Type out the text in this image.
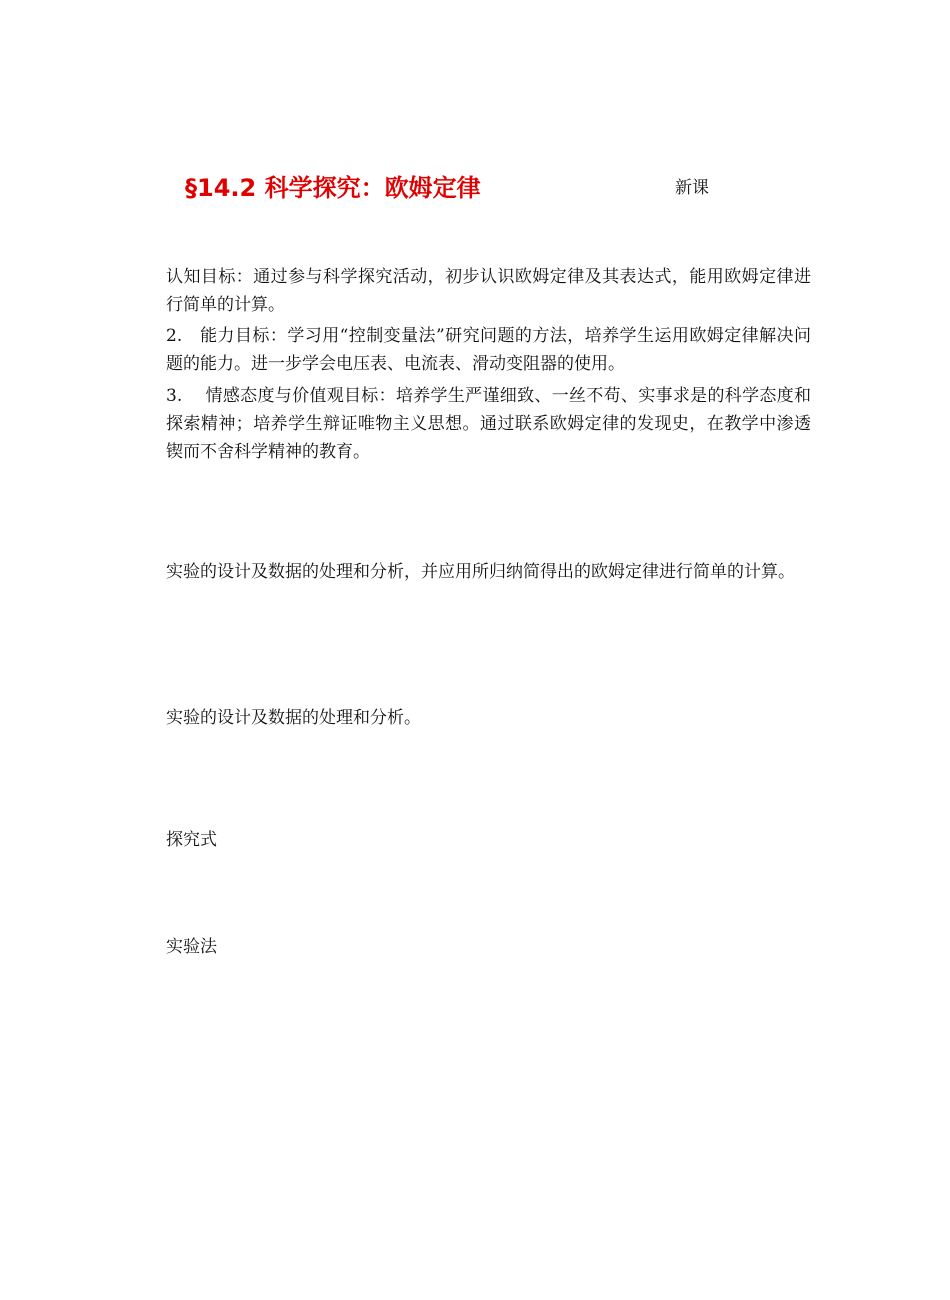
§14.2 科学探究：欧姆定律	新课
认知目标：通过参与科学探究活动，初步认识欧姆定律及其表达式，能用欧姆定律进行简单的计算。
2.　能力目标：学习用“控制变量法”研究问题的方法，培养学生运用欧姆定律解决问题的能力。进一步学会电压表、电流表、滑动变阻器的使用。
3.　 情感态度与价值观目标：培养学生严谨细致、一丝不苟、实事求是的科学态度和探索精神；培养学生辩证唯物主义思想。通过联系欧姆定律的发现史，在教学中渗透锲而不舍科学精神的教育。
实验的设计及数据的处理和分析，并应用所归纳简得出的欧姆定律进行简单的计算。
实验的设计及数据的处理和分析。
探究式
实验法
